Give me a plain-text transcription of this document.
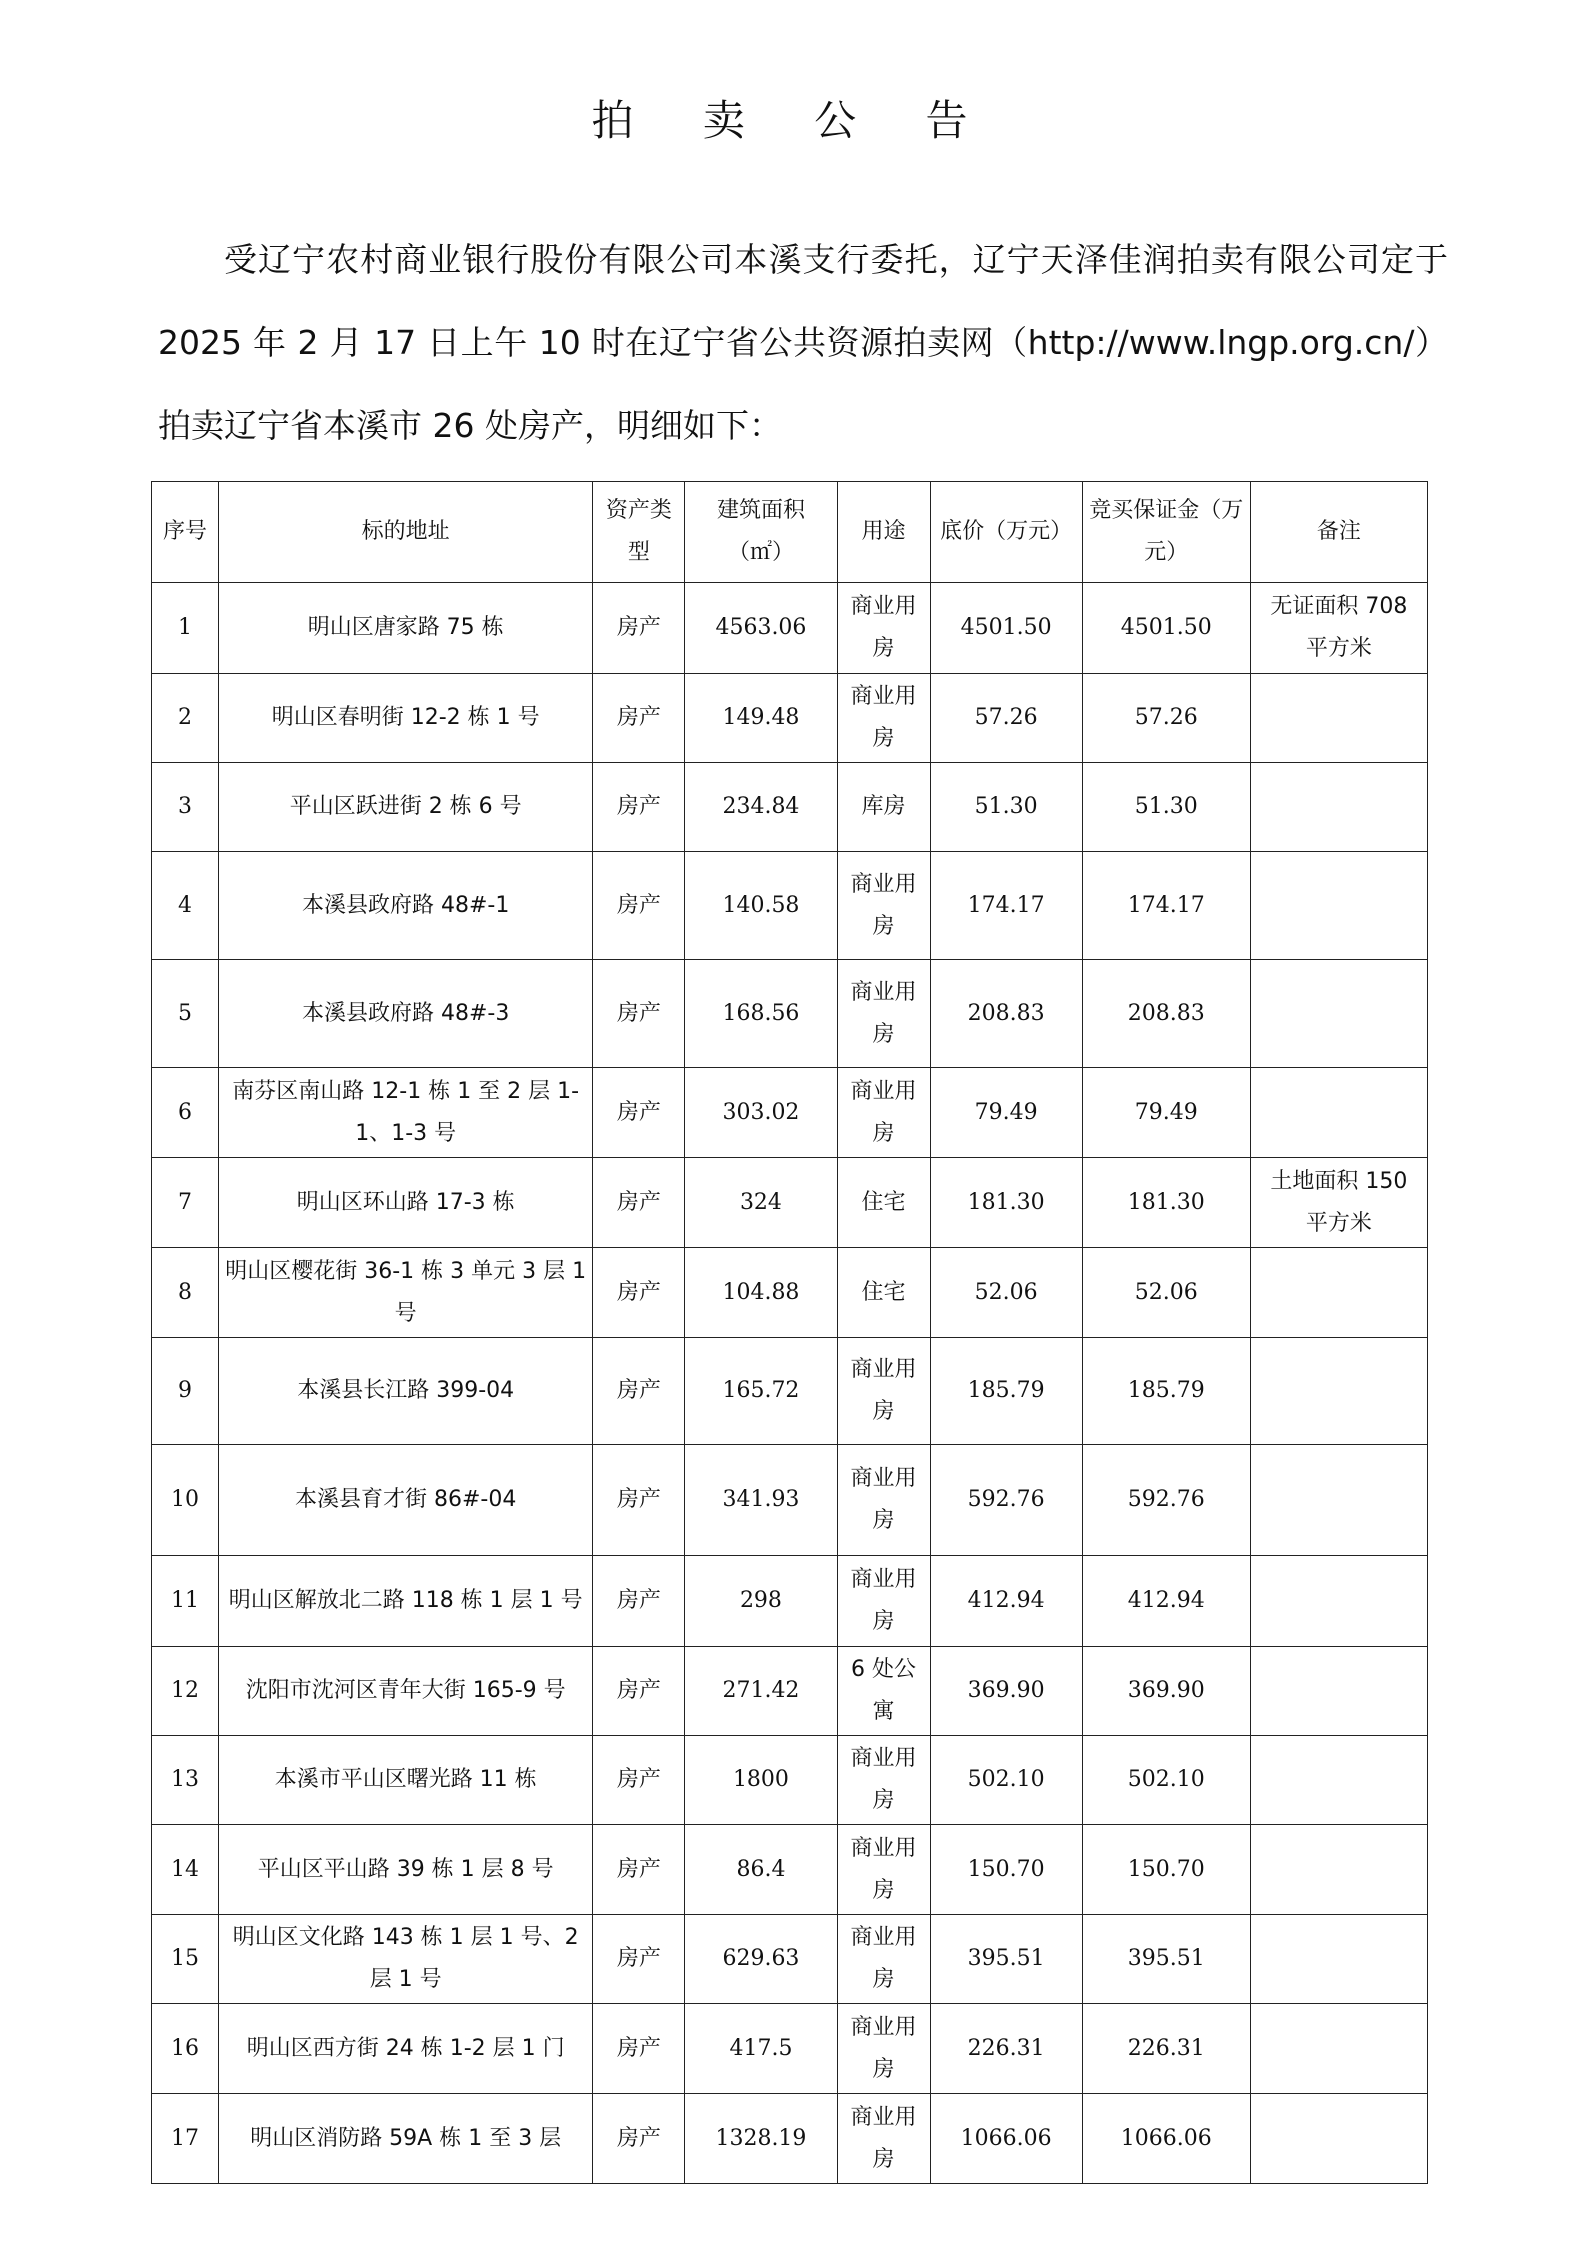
拍 卖 公 告
受辽宁农村商业银行股份有限公司本溪支行委托，辽宁天泽佳润拍卖有限公司定于 2025 年 2 月 17 日上午 10 时在辽宁省公共资源拍卖网（http://www.lngp.org.cn/）拍卖辽宁省本溪市 26 处房产，明细如下：
序号	标的地址	资产类型	建筑面积（㎡）	用途	底价（万元）	竞买保证金（万元）	备注
1	明山区唐家路 75 栋	房产	4563.06	商业用房	4501.50	4501.50	无证面积 708 平方米
2	明山区春明街 12-2 栋 1 号	房产	149.48	商业用房	57.26	57.26	
3	平山区跃进街 2 栋 6 号	房产	234.84	库房	51.30	51.30	
4	本溪县政府路 48#-1	房产	140.58	商业用房	174.17	174.17	
5	本溪县政府路 48#-3	房产	168.56	商业用房	208.83	208.83	
6	南芬区南山路 12-1 栋 1 至 2 层 1-1、1-3 号	房产	303.02	商业用房	79.49	79.49	
7	明山区环山路 17-3 栋	房产	324	住宅	181.30	181.30	土地面积 150 平方米
8	明山区樱花街 36-1 栋 3 单元 3 层 1 号	房产	104.88	住宅	52.06	52.06	
9	本溪县长江路 399-04	房产	165.72	商业用房	185.79	185.79	
10	本溪县育才街 86#-04	房产	341.93	商业用房	592.76	592.76	
11	明山区解放北二路 118 栋 1 层 1 号	房产	298	商业用房	412.94	412.94	
12	沈阳市沈河区青年大街 165-9 号	房产	271.42	6 处公寓	369.90	369.90	
13	本溪市平山区曙光路 11 栋	房产	1800	商业用房	502.10	502.10	
14	平山区平山路 39 栋 1 层 8 号	房产	86.4	商业用房	150.70	150.70	
15	明山区文化路 143 栋 1 层 1 号、2 层 1 号	房产	629.63	商业用房	395.51	395.51	
16	明山区西方街 24 栋 1-2 层 1 门	房产	417.5	商业用房	226.31	226.31	
17	明山区消防路 59A 栋 1 至 3 层	房产	1328.19	商业用房	1066.06	1066.06	
